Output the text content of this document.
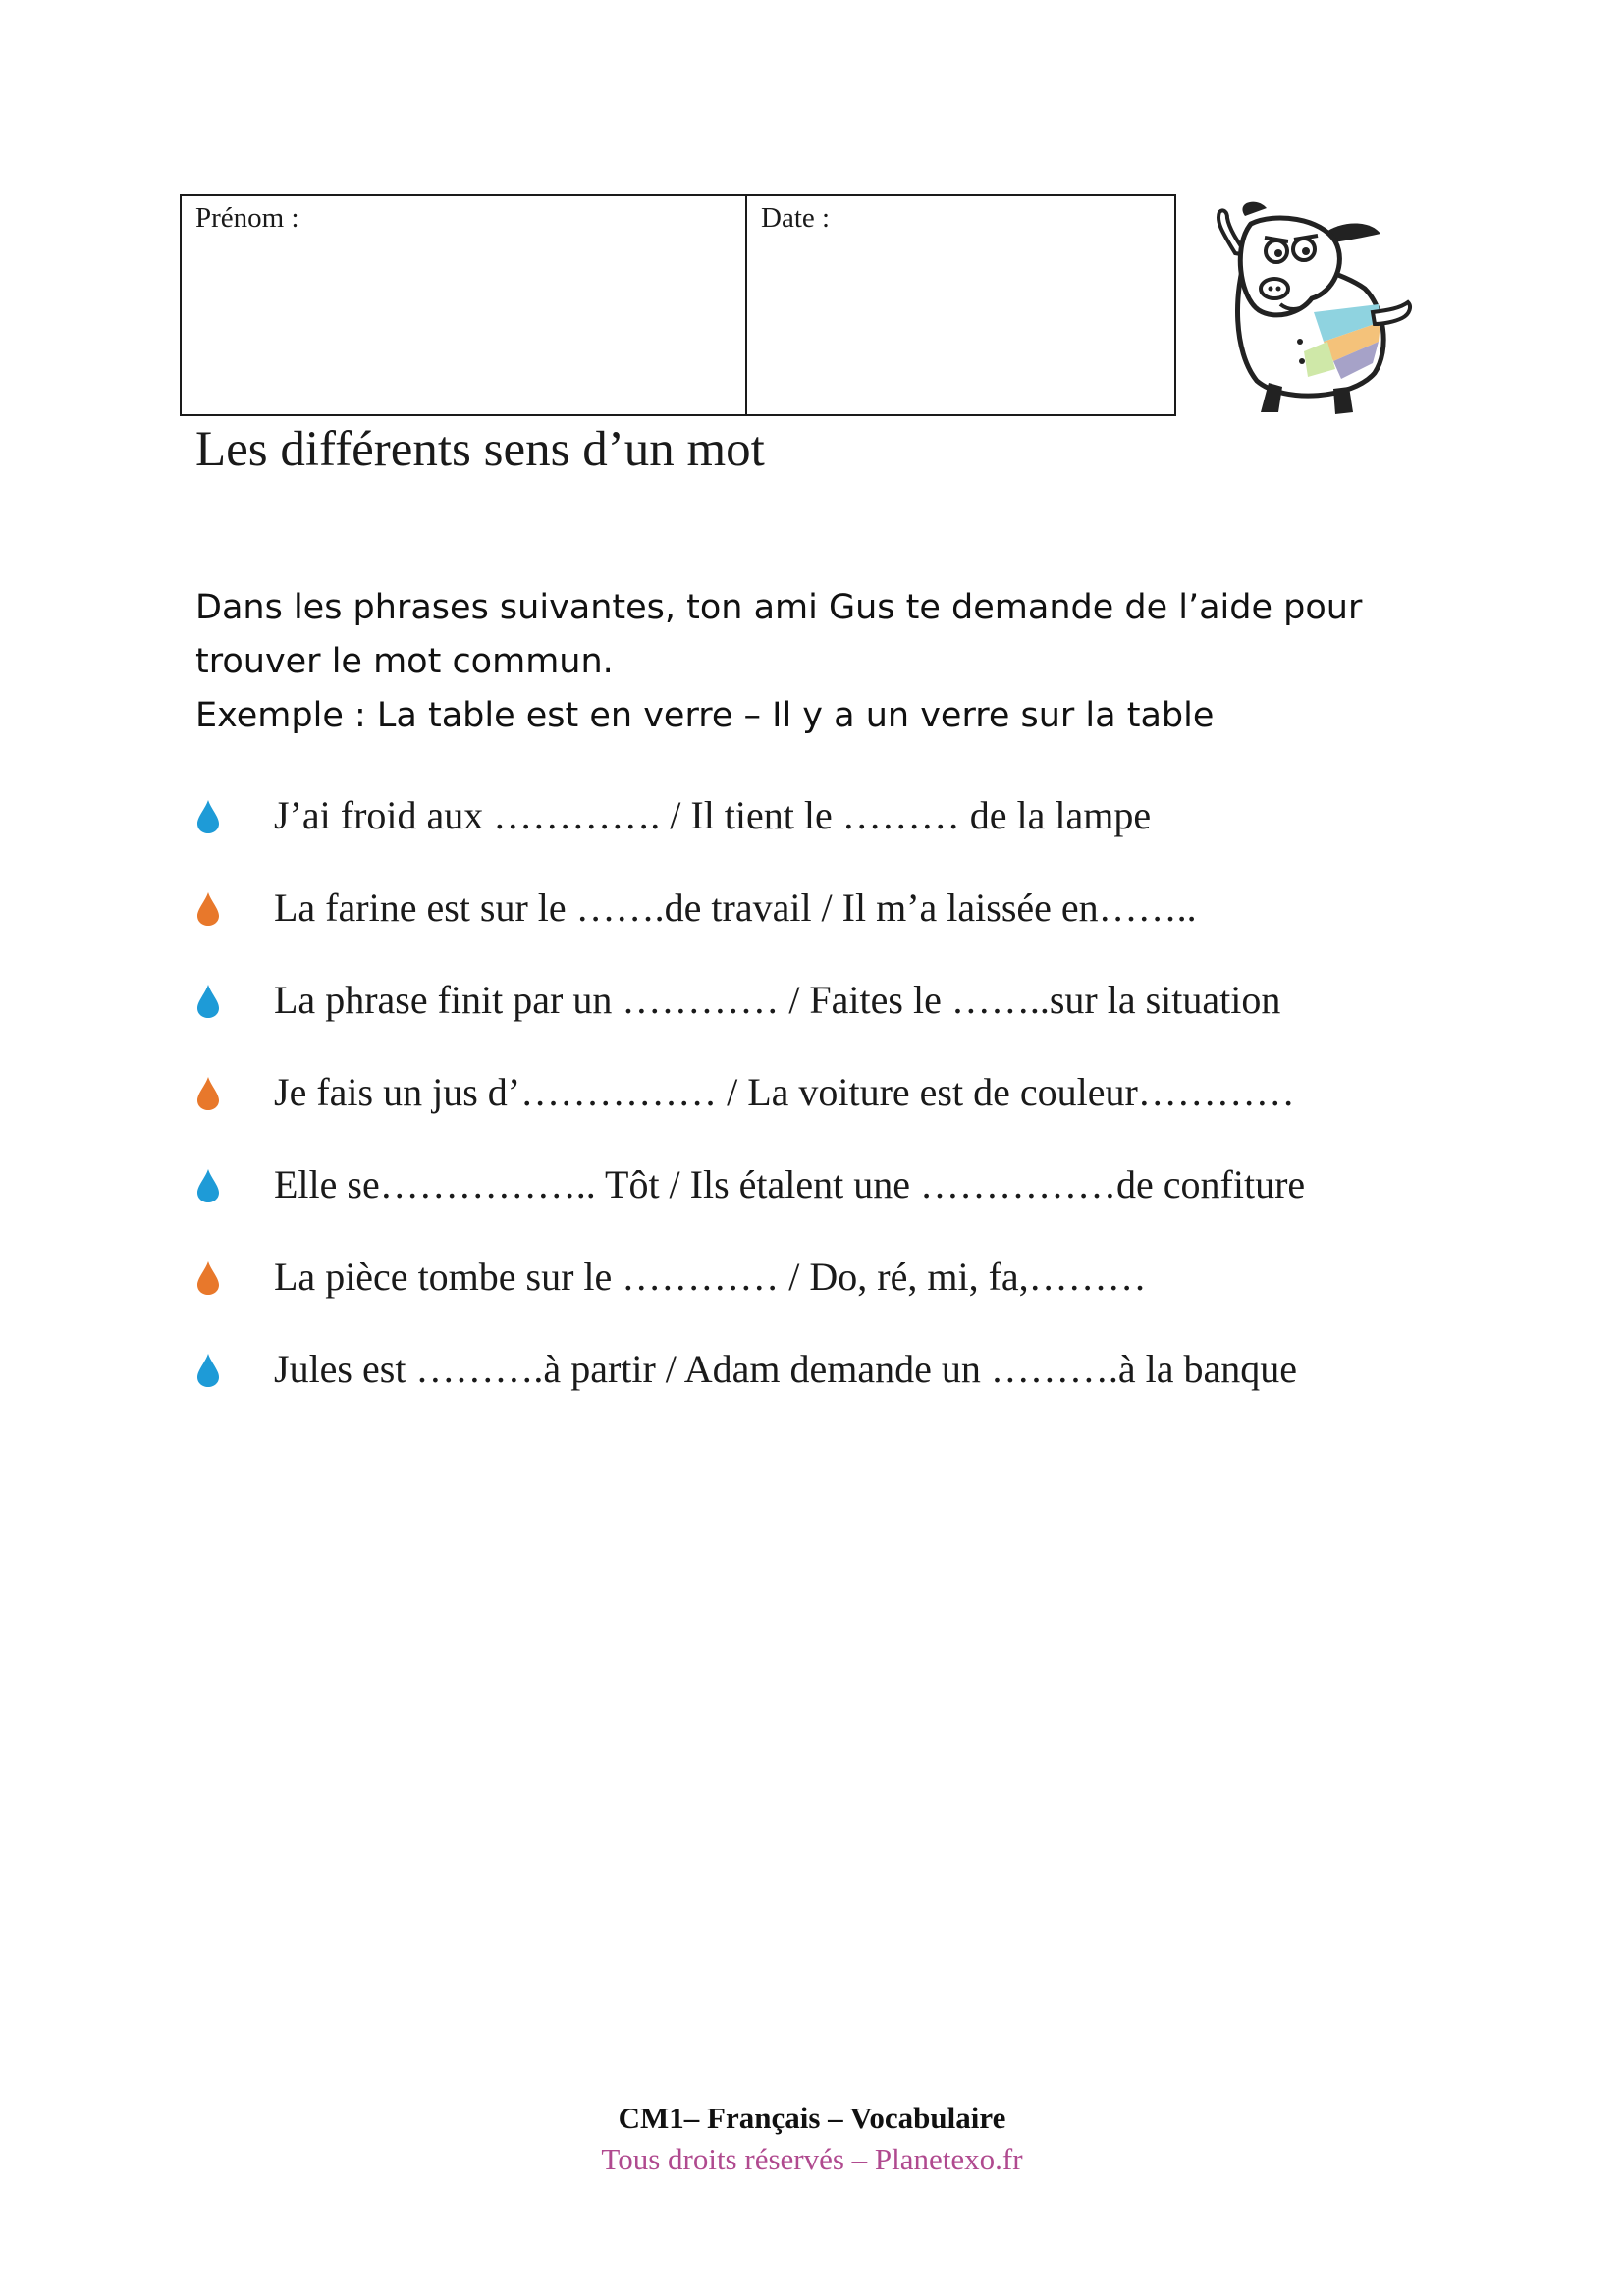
Prénom :	Date :
Les différents sens d’un mot

Dans les phrases suivantes, ton ami Gus te demande de l’aide pour

trouver le mot commun.

Exemple : La table est en verre – Il y a un verre sur la table

J’ai froid aux …………. / Il tient le ……… de la lampe
La farine est sur le …….de travail / Il m’a laissée en……..
La phrase finit par un ………… / Faites le ……..sur la situation
Je fais un jus d’…………… / La voiture est de couleur…………
Elle se…………….. Tôt / Ils étalent une ……………de confiture
La pièce tombe sur le ………… / Do, ré, mi, fa,………
Jules est ……….à partir / Adam demande un ……….à la banque
CM1– Français – Vocabulaire
Tous droits réservés – Planetexo.fr
